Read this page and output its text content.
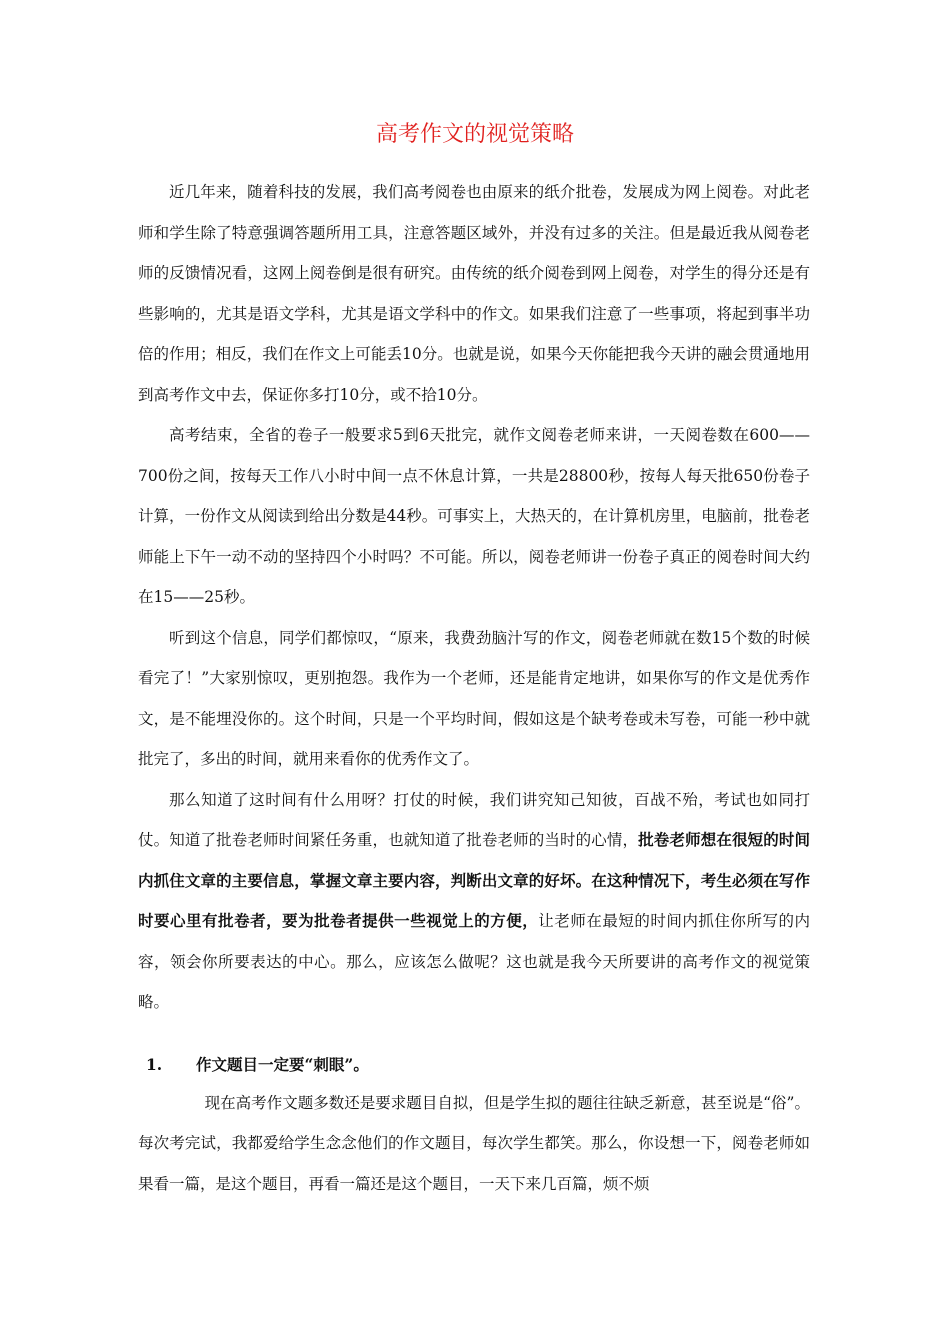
高考作文的视觉策略

近几年来，随着科技的发展，我们高考阅卷也由原来的纸介批卷，发展成为网上阅卷。对此老师和学生除了特意强调答题所用工具，注意答题区域外，并没有过多的关注。但是最近我从阅卷老师的反馈情况看，这网上阅卷倒是很有研究。由传统的纸介阅卷到网上阅卷，对学生的得分还是有些影响的，尤其是语文学科，尤其是语文学科中的作文。如果我们注意了一些事项，将起到事半功倍的作用；相反，我们在作文上可能丢10分。也就是说，如果今天你能把我今天讲的融会贯通地用到高考作文中去，保证你多打10分，或不拾10分。

高考结束，全省的卷子一般要求5到6天批完，就作文阅卷老师来讲，一天阅卷数在600——700份之间，按每天工作八小时中间一点不休息计算，一共是28800秒，按每人每天批650份卷子计算，一份作文从阅读到给出分数是44秒。可事实上，大热天的，在计算机房里，电脑前，批卷老师能上下午一动不动的坚持四个小时吗？不可能。所以，阅卷老师讲一份卷子真正的阅卷时间大约在15——25秒。

听到这个信息，同学们都惊叹，“原来，我费劲脑汁写的作文，阅卷老师就在数15个数的时候看完了！”大家别惊叹，更别抱怨。我作为一个老师，还是能肯定地讲，如果你写的作文是优秀作文，是不能埋没你的。这个时间，只是一个平均时间，假如这是个缺考卷或未写卷，可能一秒中就批完了，多出的时间，就用来看你的优秀作文了。

那么知道了这时间有什么用呀？打仗的时候，我们讲究知己知彼，百战不殆，考试也如同打仗。知道了批卷老师时间紧任务重，也就知道了批卷老师的当时的心情，批卷老师想在很短的时间内抓住文章的主要信息，掌握文章主要内容，判断出文章的好坏。在这种情况下，考生必须在写作时要心里有批卷者，要为批卷者提供一些视觉上的方便，让老师在最短的时间内抓住你所写的内容，领会你所要表达的中心。那么，应该怎么做呢？这也就是我今天所要讲的高考作文的视觉策略。

1. 作文题目一定要“刺眼”。

现在高考作文题多数还是要求题目自拟，但是学生拟的题往往缺乏新意，甚至说是“俗”。每次考完试，我都爱给学生念念他们的作文题目，每次学生都笑。那么，你设想一下，阅卷老师如果看一篇，是这个题目，再看一篇还是这个题目，一天下来几百篇，烦不烦
